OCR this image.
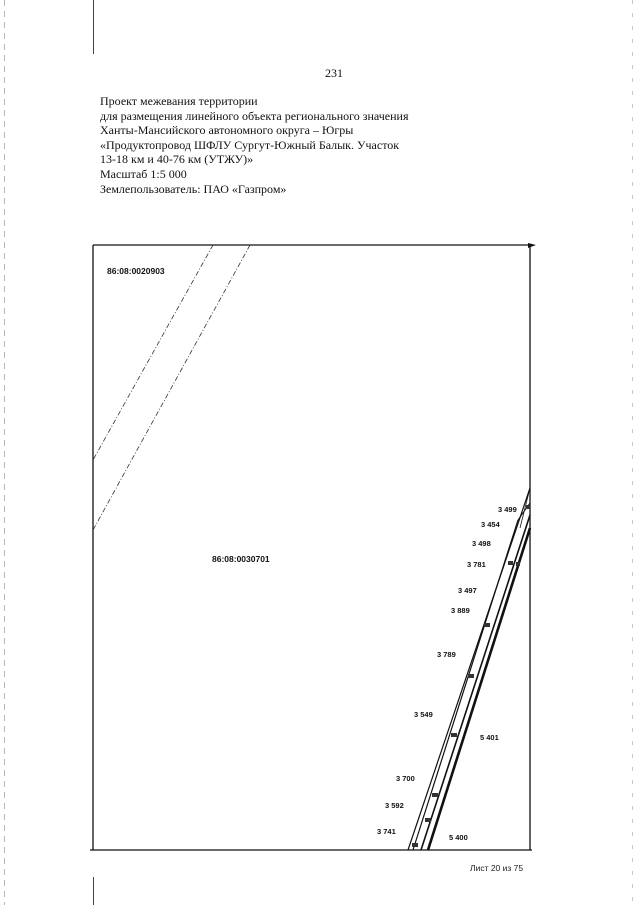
231
Проект межевания территории
для размещения линейного объекта регионального значения
Ханты-Мансийского автономного округа – Югры
«Продуктопровод ШФЛУ Сургут-Южный Балык. Участок
13-18 км и 40-76 км (УТЖУ)»
Масштаб 1:5 000
Землепользователь: ПАО «Газпром»
86:08:0020903
86:08:0030701
3 499
3 454
3 498
3 781
3 497
3 889
3 789
3 549
5 401
3 700
3 592
3 741
5 400
Лист 20 из 75
